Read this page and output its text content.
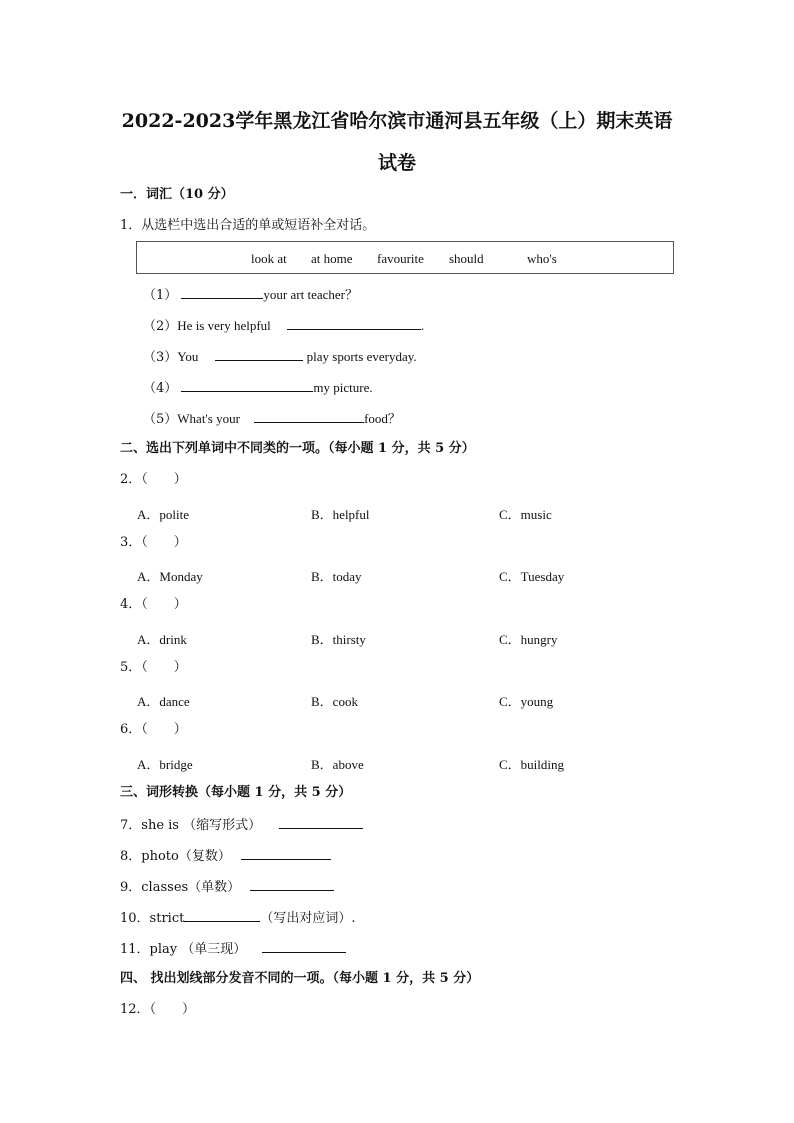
2022-2023学年黑龙江省哈尔滨市通河县五年级（上）期末英语
试卷
一．词汇（10 分）
1．从选栏中选出合适的单或短语补全对话。
look at at home favourite should	who's
（1）	your art teacher？
（2）He is very helpful	.
（3）You	play sports everyday.
（4）	my picture.
（5）What's your	food？
二、选出下列单词中不同类的一项。（每小题 1 分，共 5 分）
2．（　　）
A．polite	B．helpful	C．music
3．（　　）
A．Monday	B．today	C．Tuesday
4．（　　）
A．drink	B．thirsty	C．hungry
5．（　　）
A．dance	B．cook	C．young
6．（　　）
A．bridge	B．above	C．building
三、词形转换（每小题 1 分，共 5 分）
7．she is （缩写形式）
8．photo（复数）
9．classes（单数）
10．strict	（写出对应词）.
11．play （单三现）
四、 找出划线部分发音不同的一项。（每小题 1 分，共 5 分）
12．（　　）
